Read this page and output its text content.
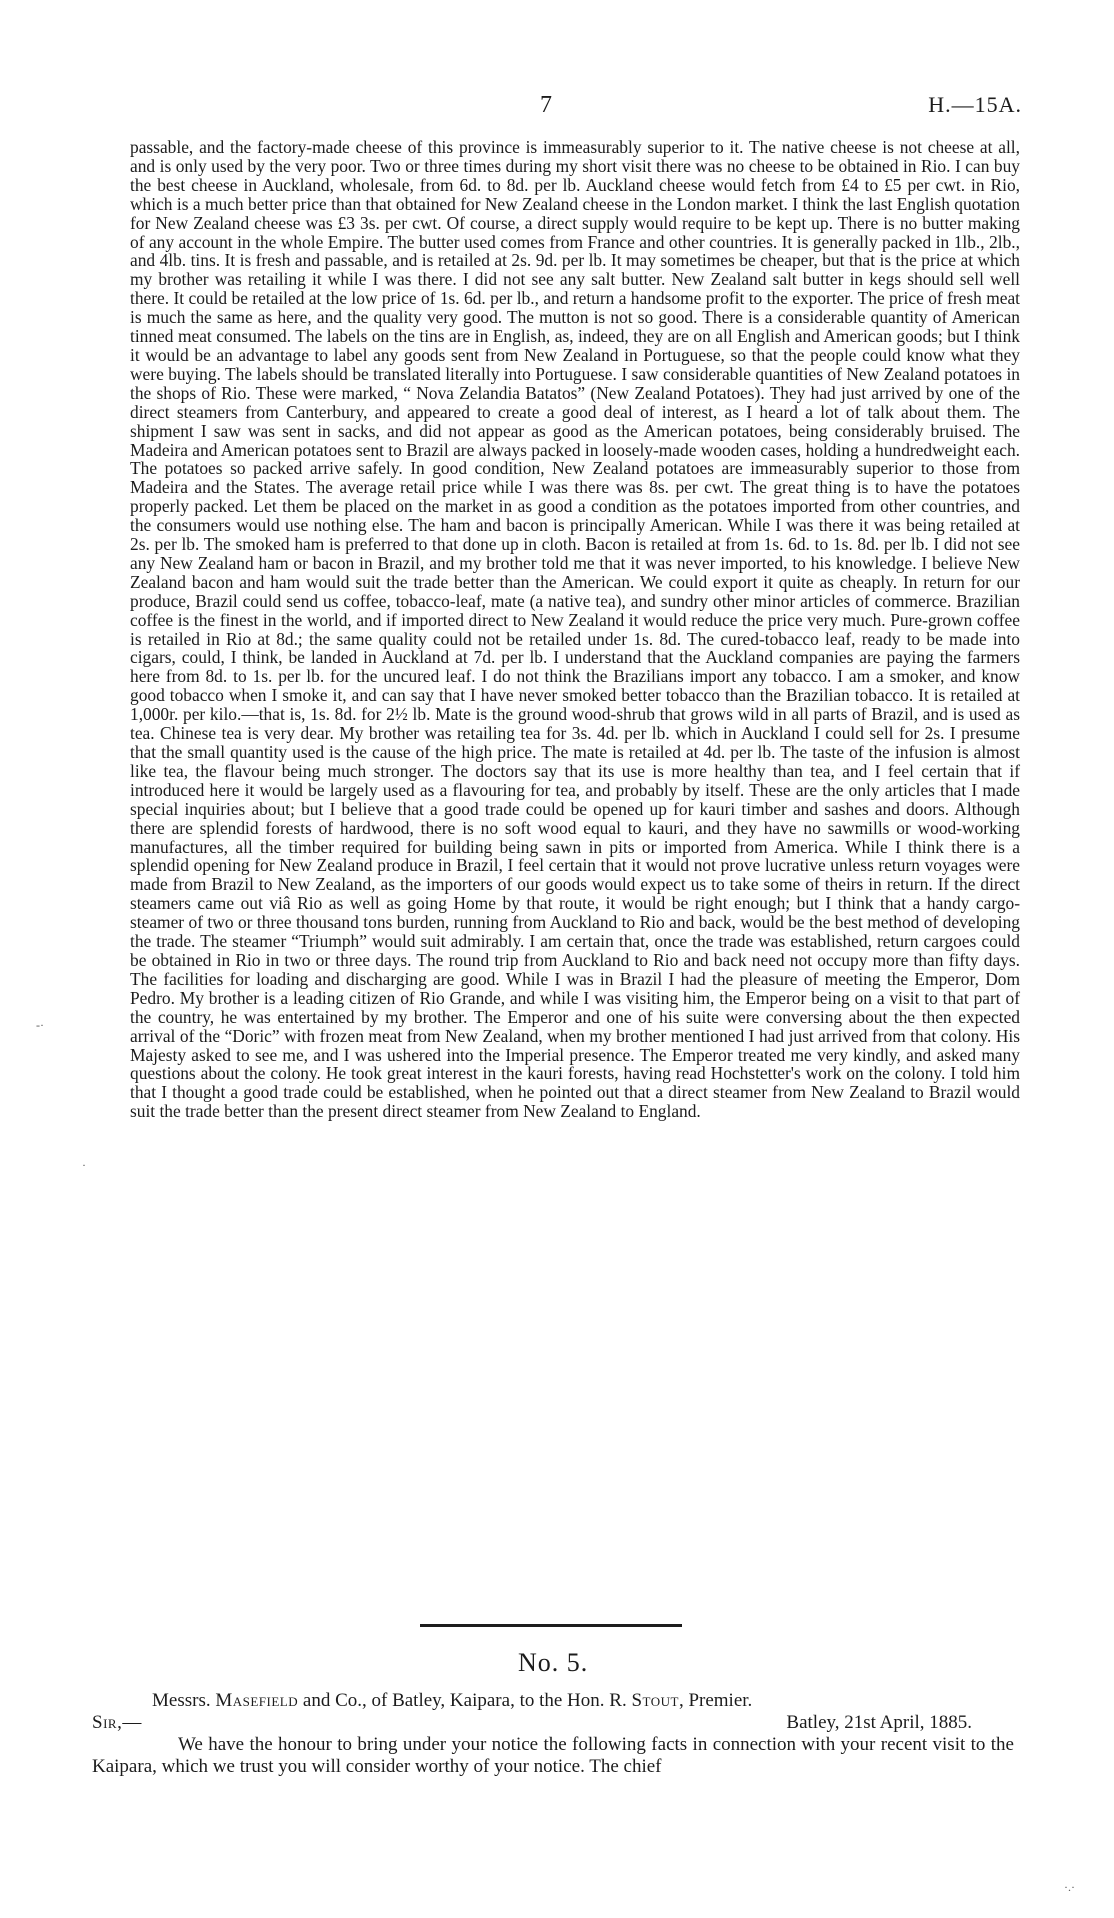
7	H.—15A.

passable, and the factory-made cheese of this province is immeasurably superior to it. The native cheese is not cheese at all, and is only used by the very poor. Two or three times during my short visit there was no cheese to be obtained in Rio. I can buy the best cheese in Auckland, wholesale, from 6d. to 8d. per lb. Auckland cheese would fetch from £4 to £5 per cwt. in Rio, which is a much better price than that obtained for New Zealand cheese in the London market. I think the last English quotation for New Zealand cheese was £3 3s. per cwt. Of course, a direct supply would require to be kept up. There is no butter making of any account in the whole Empire. The butter used comes from France and other countries. It is generally packed in 1lb., 2lb., and 4lb. tins. It is fresh and passable, and is retailed at 2s. 9d. per lb. It may sometimes be cheaper, but that is the price at which my brother was retailing it while I was there. I did not see any salt butter. New Zealand salt butter in kegs should sell well there. It could be retailed at the low price of 1s. 6d. per lb., and return a handsome profit to the exporter. The price of fresh meat is much the same as here, and the quality very good. The mutton is not so good. There is a considerable quantity of American tinned meat consumed. The labels on the tins are in English, as, indeed, they are on all English and American goods; but I think it would be an advantage to label any goods sent from New Zealand in Portuguese, so that the people could know what they were buying. The labels should be translated literally into Portuguese. I saw considerable quantities of New Zealand potatoes in the shops of Rio. These were marked, “ Nova Zelandia Batatos” (New Zealand Potatoes). They had just arrived by one of the direct steamers from Canterbury, and appeared to create a good deal of interest, as I heard a lot of talk about them. The shipment I saw was sent in sacks, and did not appear as good as the American potatoes, being considerably bruised. The Madeira and American potatoes sent to Brazil are always packed in loosely-made wooden cases, holding a hundredweight each. The potatoes so packed arrive safely. In good condition, New Zealand potatoes are immeasurably superior to those from Madeira and the States. The average retail price while I was there was 8s. per cwt. The great thing is to have the potatoes properly packed. Let them be placed on the market in as good a condition as the potatoes imported from other countries, and the consumers would use nothing else. The ham and bacon is principally American. While I was there it was being retailed at 2s. per lb. The smoked ham is preferred to that done up in cloth. Bacon is retailed at from 1s. 6d. to 1s. 8d. per lb. I did not see any New Zealand ham or bacon in Brazil, and my brother told me that it was never imported, to his knowledge. I believe New Zealand bacon and ham would suit the trade better than the American. We could export it quite as cheaply. In return for our produce, Brazil could send us coffee, tobacco-leaf, mate (a native tea), and sundry other minor articles of commerce. Brazilian coffee is the finest in the world, and if imported direct to New Zealand it would reduce the price very much. Pure-grown coffee is retailed in Rio at 8d.; the same quality could not be retailed under 1s. 8d. The cured-tobacco leaf, ready to be made into cigars, could, I think, be landed in Auckland at 7d. per lb. I understand that the Auckland companies are paying the farmers here from 8d. to 1s. per lb. for the uncured leaf. I do not think the Brazilians import any tobacco. I am a smoker, and know good tobacco when I smoke it, and can say that I have never smoked better tobacco than the Brazilian tobacco. It is retailed at 1,000r. per kilo.—that is, 1s. 8d. for 2½ lb. Mate is the ground wood-shrub that grows wild in all parts of Brazil, and is used as tea. Chinese tea is very dear. My brother was retailing tea for 3s. 4d. per lb. which in Auckland I could sell for 2s. I presume that the small quantity used is the cause of the high price. The mate is retailed at 4d. per lb. The taste of the infusion is almost like tea, the flavour being much stronger. The doctors say that its use is more healthy than tea, and I feel certain that if introduced here it would be largely used as a flavouring for tea, and probably by itself. These are the only articles that I made special inquiries about; but I believe that a good trade could be opened up for kauri timber and sashes and doors. Although there are splendid forests of hardwood, there is no soft wood equal to kauri, and they have no sawmills or wood-working manufactures, all the timber required for building being sawn in pits or imported from America. While I think there is a splendid opening for New Zealand produce in Brazil, I feel certain that it would not prove lucrative unless return voyages were made from Brazil to New Zealand, as the importers of our goods would expect us to take some of theirs in return. If the direct steamers came out viâ Rio as well as going Home by that route, it would be right enough; but I think that a handy cargo-steamer of two or three thousand tons burden, running from Auckland to Rio and back, would be the best method of developing the trade. The steamer “Triumph” would suit admirably. I am certain that, once the trade was established, return cargoes could be obtained in Rio in two or three days. The round trip from Auckland to Rio and back need not occupy more than fifty days. The facilities for loading and discharging are good. While I was in Brazil I had the pleasure of meeting the Emperor, Dom Pedro. My brother is a leading citizen of Rio Grande, and while I was visiting him, the Emperor being on a visit to that part of the country, he was entertained by my brother. The Emperor and one of his suite were conversing about the then expected arrival of the “Doric” with frozen meat from New Zealand, when my brother mentioned I had just arrived from that colony. His Majesty asked to see me, and I was ushered into the Imperial presence. The Emperor treated me very kindly, and asked many questions about the colony. He took great interest in the kauri forests, having read Hochstetter's work on the colony. I told him that I thought a good trade could be established, when he pointed out that a direct steamer from New Zealand to Brazil would suit the trade better than the present direct steamer from New Zealand to England.

No. 5.
Messrs. Masefield and Co., of Batley, Kaipara, to the Hon. R. Stout, Premier.
Sir,—	Batley, 21st April, 1885.

We have the honour to bring under your notice the following facts in connection with your recent visit to the Kaipara, which we trust you will consider worthy of your notice. The chief

-·
·
·.·
